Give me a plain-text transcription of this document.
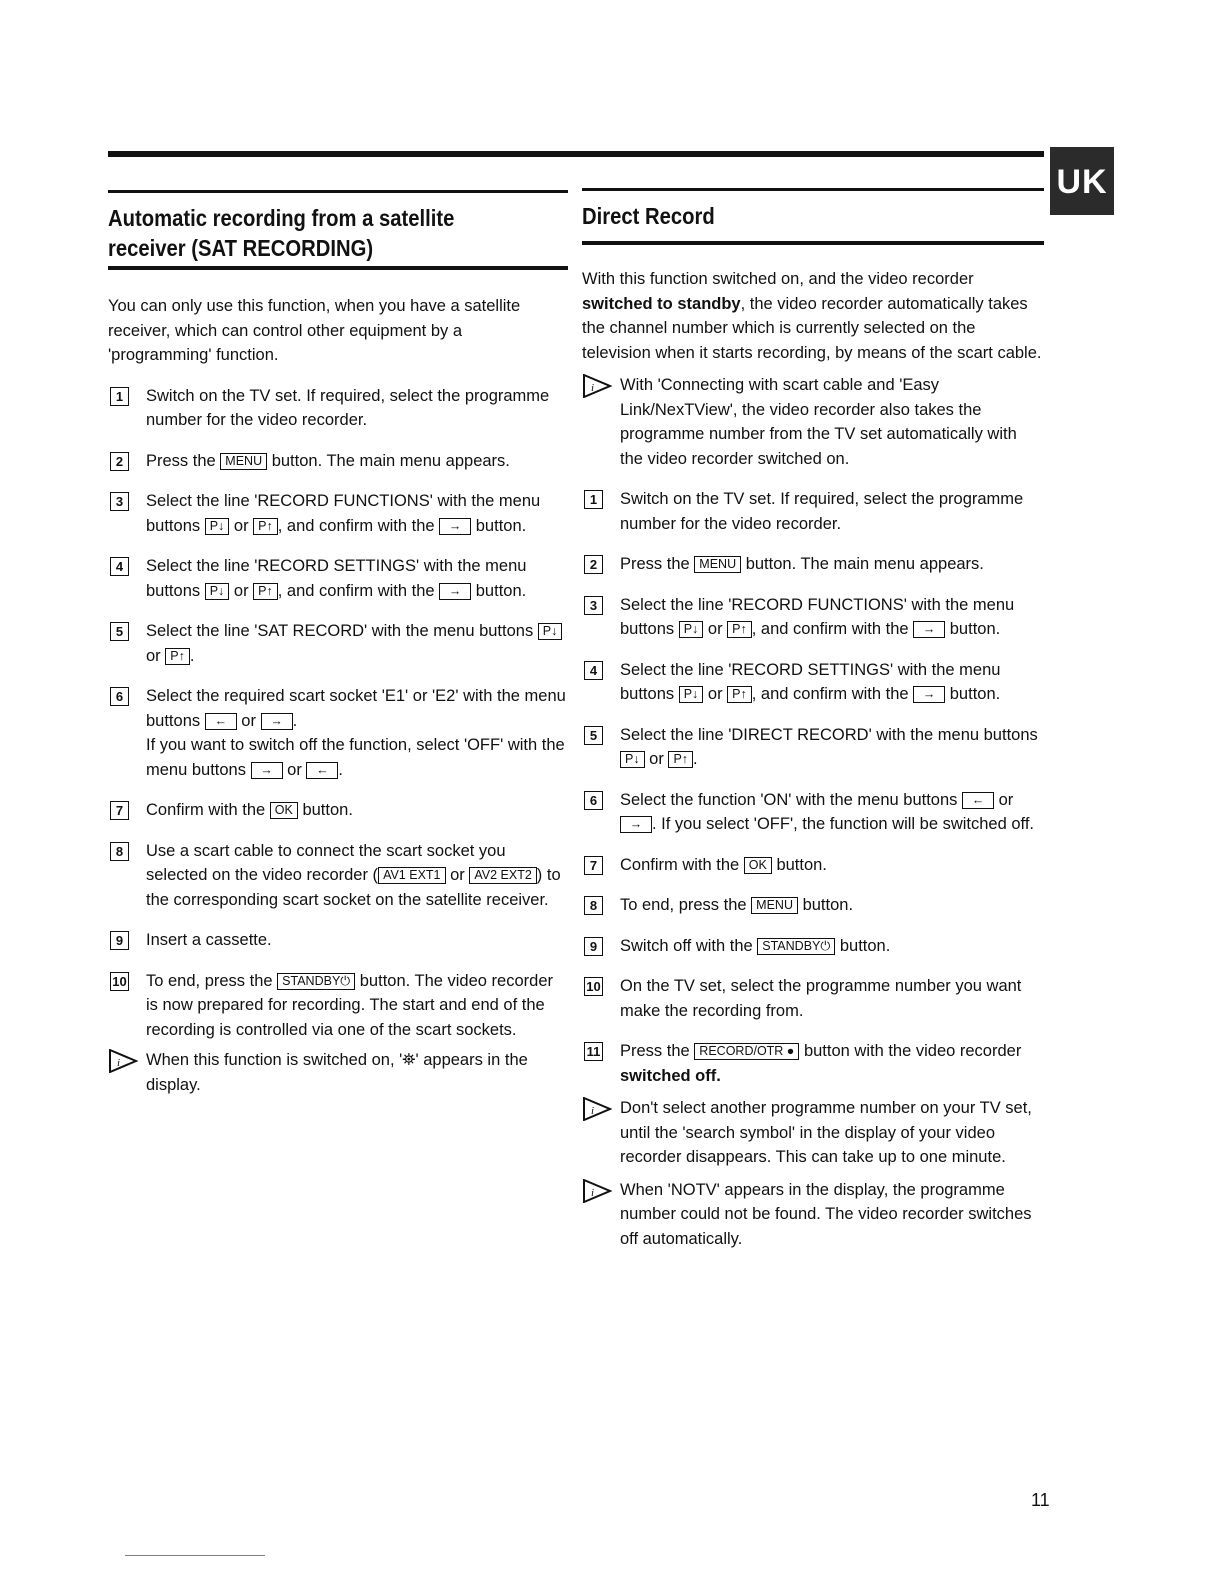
UK
Automatic recording from a satellite
receiver (SAT RECORDING)
You can only use this function, when you have a satellite receiver, which can control other equipment by a 'programming' function.
1	Switch on the TV set. If required, select the programme number for the video recorder.
2	Press the MENU button. The main menu appears.
3	Select the line 'RECORD FUNCTIONS' with the menu buttons P↓ or P↑ , and confirm with the → button.
4	Select the line 'RECORD SETTINGS' with the menu buttons P↓ or P↑ , and confirm with the → button.
5	Select the line 'SAT RECORD' with the menu buttons P↓ or P↑ .
6	Select the required scart socket 'E1' or 'E2' with the menu buttons ← or → .
If you want to switch off the function, select 'OFF' with the menu buttons → or ← .
7	Confirm with the OK button.
8	Use a scart cable to connect the scart socket you selected on the video recorder ( AV1 EXT1 or AV2 EXT2 ) to the corresponding scart socket on the satellite receiver.
9	Insert a cassette.
10 To end, press the STANDBY⏻ button. The video recorder is now prepared for recording. The start and end of the recording is controlled via one of the scart sockets.
When this function is switched on, '⛯' appears in the display.
Direct Record
With this function switched on, and the video recorder switched to standby, the video recorder automatically takes the channel number which is currently selected on the television when it starts recording, by means of the scart cable.
With 'Connecting with scart cable and 'Easy Link/NexTView', the video recorder also takes the programme number from the TV set automatically with the video recorder switched on.
1	Switch on the TV set. If required, select the programme number for the video recorder.
2	Press the MENU button. The main menu appears.
3	Select the line 'RECORD FUNCTIONS' with the menu buttons P↓ or P↑ , and confirm with the → button.
4	Select the line 'RECORD SETTINGS' with the menu buttons P↓ or P↑ , and confirm with the → button.
5	Select the line 'DIRECT RECORD' with the menu buttons P↓ or P↑ .
6	Select the function 'ON' with the menu buttons ← or → . If you select 'OFF', the function will be switched off.
7	Confirm with the OK button.
8	To end, press the MENU button.
9	Switch off with the STANDBY⏻ button.
10 On the TV set, select the programme number you want make the recording from.
11 Press the RECORD/OTR ● button with the video recorder switched off.
Don't select another programme number on your TV set, until the 'search symbol' in the display of your video recorder disappears. This can take up to one minute.
When 'NOTV' appears in the display, the programme number could not be found. The video recorder switches off automatically.
11
